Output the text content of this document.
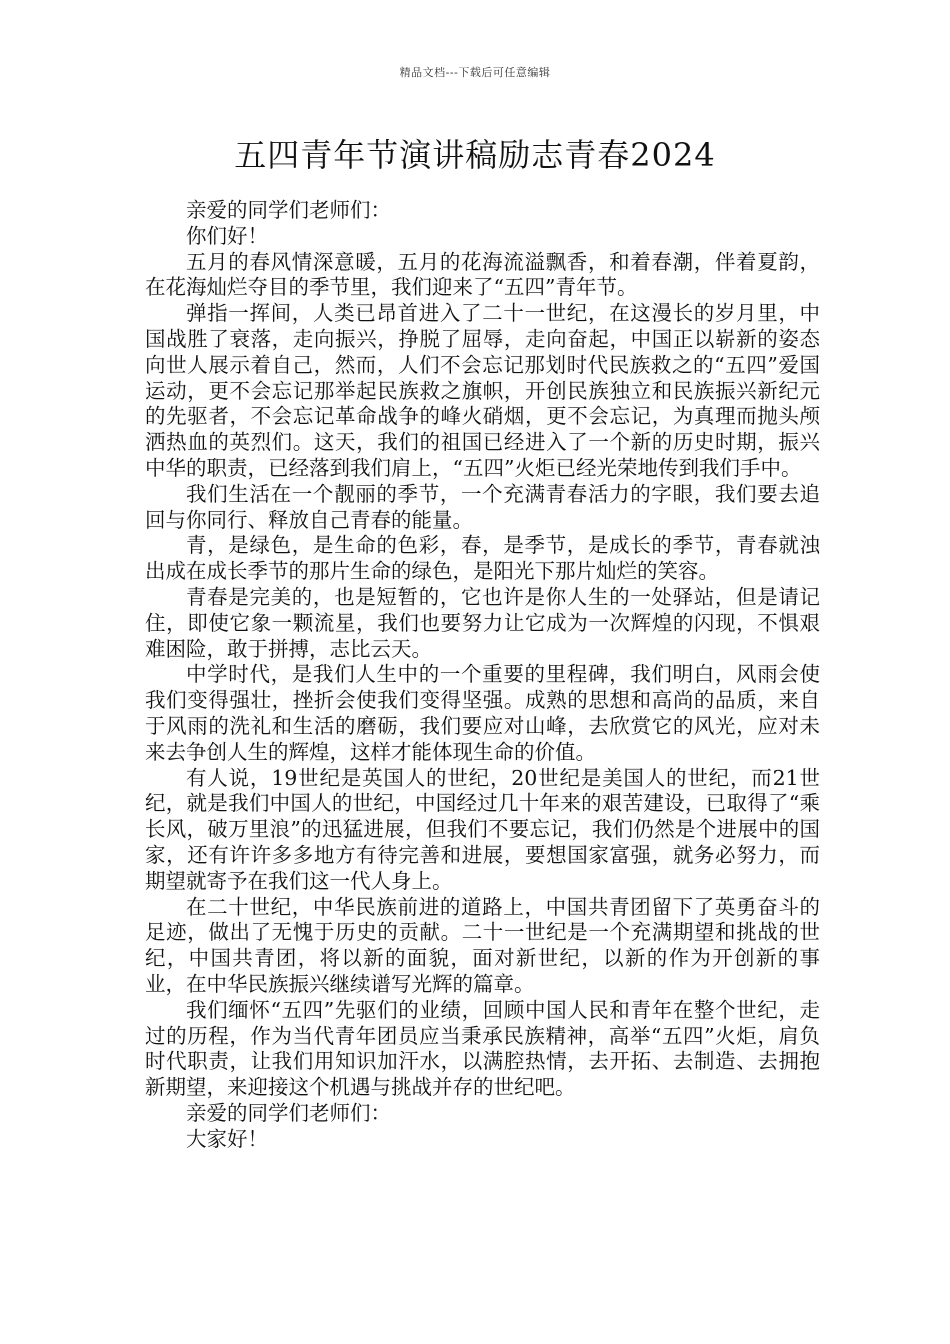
精品文档---下载后可任意编辑
五四青年节演讲稿励志青春2024

亲爱的同学们老师们：

你们好！

五月的春风情深意暖，五月的花海流溢飘香，和着春潮，伴着夏韵，在花海灿烂夺目的季节里，我们迎来了“五四”青年节。

弹指一挥间，人类已昂首进入了二十一世纪，在这漫长的岁月里，中国战胜了衰落，走向振兴，挣脱了屈辱，走向奋起，中国正以崭新的姿态向世人展示着自己，然而，人们不会忘记那划时代民族救之的“五四”爱国运动，更不会忘记那举起民族救之旗帜，开创民族独立和民族振兴新纪元的先驱者，不会忘记革命战争的峰火硝烟，更不会忘记，为真理而抛头颅洒热血的英烈们。这天，我们的祖国已经进入了一个新的历史时期，振兴中华的职责，已经落到我们肩上，“五四”火炬已经光荣地传到我们手中。

我们生活在一个靓丽的季节，一个充满青春活力的字眼，我们要去追回与你同行、释放自己青春的能量。

青，是绿色，是生命的色彩，春，是季节，是成长的季节，青春就浊出成在成长季节的那片生命的绿色，是阳光下那片灿烂的笑容。

青春是完美的，也是短暂的，它也许是你人生的一处驿站，但是请记住，即使它象一颗流星，我们也要努力让它成为一次辉煌的闪现，不惧艰难困险，敢于拼搏，志比云天。

中学时代，是我们人生中的一个重要的里程碑，我们明白，风雨会使我们变得强壮，挫折会使我们变得坚强。成熟的思想和高尚的品质，来自于风雨的洗礼和生活的磨砺，我们要应对山峰，去欣赏它的风光，应对未来去争创人生的辉煌，这样才能体现生命的价值。

有人说，19世纪是英国人的世纪，20世纪是美国人的世纪，而21世纪，就是我们中国人的世纪，中国经过几十年来的艰苦建设，已取得了“乘长风，破万里浪”的迅猛进展，但我们不要忘记，我们仍然是个进展中的国家，还有许许多多地方有待完善和进展，要想国家富强，就务必努力，而期望就寄予在我们这一代人身上。

在二十世纪，中华民族前进的道路上，中国共青团留下了英勇奋斗的足迹，做出了无愧于历史的贡献。二十一世纪是一个充满期望和挑战的世纪，中国共青团，将以新的面貌，面对新世纪，以新的作为开创新的事业，在中华民族振兴继续谱写光辉的篇章。

我们缅怀“五四”先驱们的业绩，回顾中国人民和青年在整个世纪，走过的历程，作为当代青年团员应当秉承民族精神，高举“五四”火炬，肩负时代职责，让我们用知识加汗水，以满腔热情，去开拓、去制造、去拥抱新期望，来迎接这个机遇与挑战并存的世纪吧。

亲爱的同学们老师们：

大家好！
